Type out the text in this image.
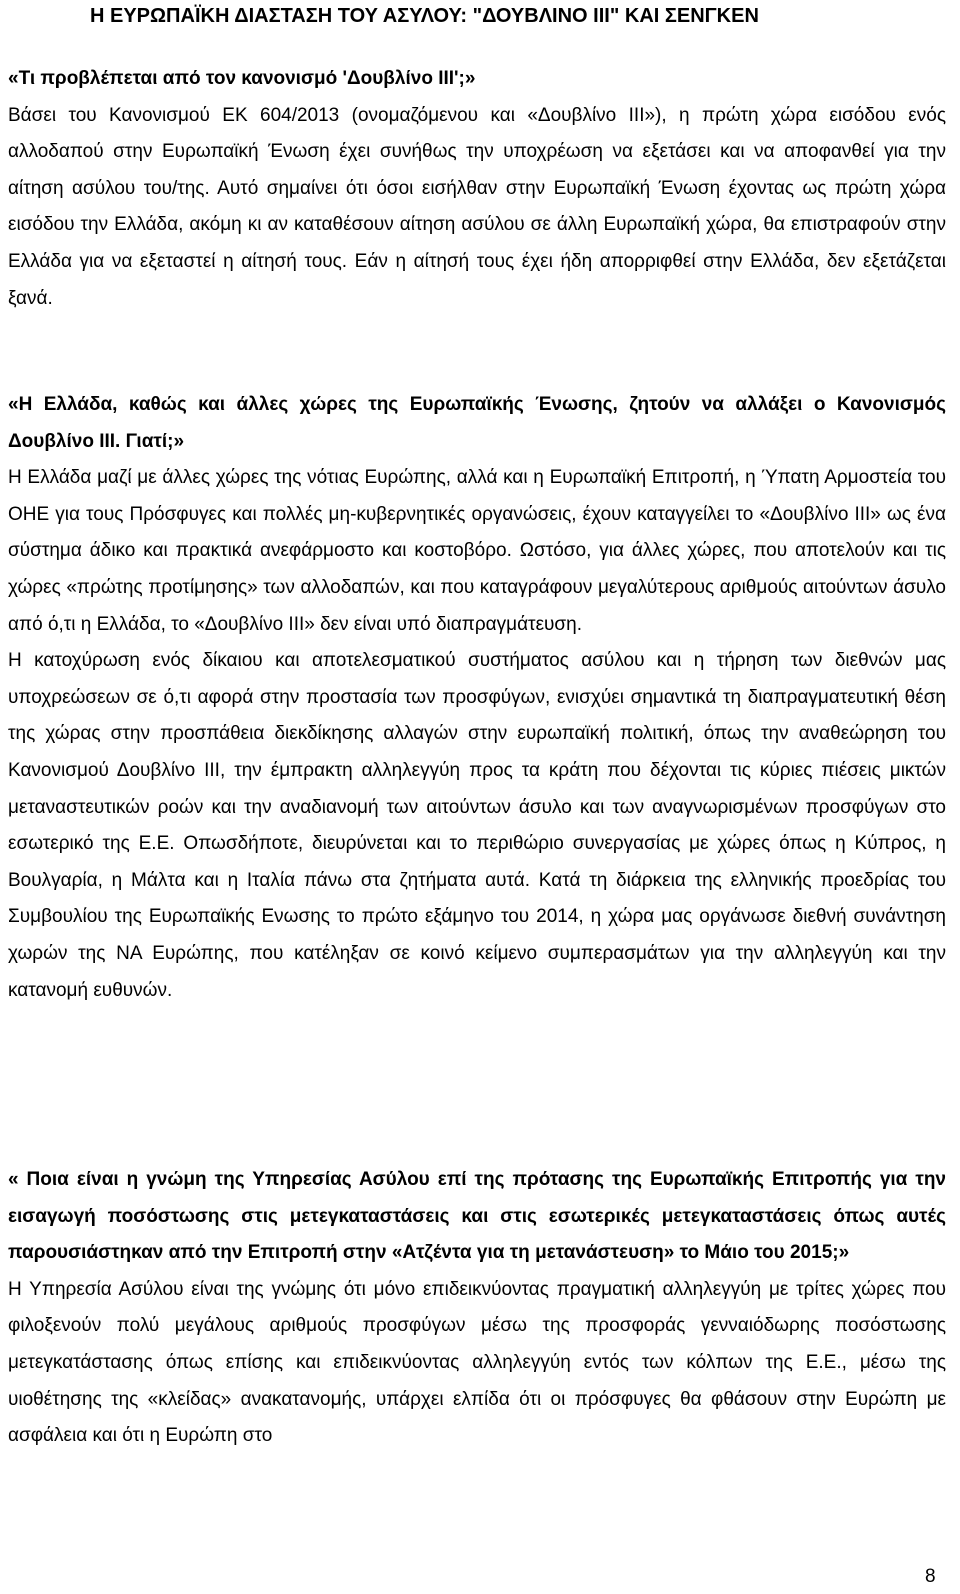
Η ΕΥΡΩΠΑΪΚΗ ΔΙΑΣΤΑΣΗ ΤΟΥ ΑΣΥΛΟΥ: "ΔΟΥΒΛΙΝΟ ΙΙΙ" ΚΑΙ ΣΕΝΓΚΕΝ
«Τι προβλέπεται από τον κανονισμό 'Δουβλίνο ΙΙΙ';»
Βάσει του Κανονισμού ΕΚ 604/2013 (ονομαζόμενου και «Δουβλίνο ΙΙΙ»), η πρώτη χώρα εισόδου ενός αλλοδαπού στην Ευρωπαϊκή Ένωση έχει συνήθως την υποχρέωση να εξετάσει και να αποφανθεί για την αίτηση ασύλου του/της. Αυτό σημαίνει ότι όσοι εισήλθαν στην Ευρωπαϊκή Ένωση έχοντας ως πρώτη χώρα εισόδου την Ελλάδα, ακόμη κι αν καταθέσουν αίτηση ασύλου σε άλλη Ευρωπαϊκή χώρα, θα επιστραφούν στην Ελλάδα για να εξεταστεί η αίτησή τους. Εάν η αίτησή τους έχει ήδη απορριφθεί στην Ελλάδα, δεν εξετάζεται ξανά.
«Η Ελλάδα, καθώς και άλλες χώρες της Ευρωπαϊκής Ένωσης, ζητούν να αλλάξει ο Κανονισμός Δουβλίνο ΙΙΙ. Γιατί;»
Η Ελλάδα μαζί με άλλες χώρες της νότιας Ευρώπης, αλλά και η Ευρωπαϊκή Επιτροπή, η Ύπατη Αρμοστεία του ΟΗΕ για τους Πρόσφυγες και πολλές μη-κυβερνητικές οργανώσεις, έχουν καταγγείλει το «Δουβλίνο ΙΙΙ» ως ένα σύστημα άδικο και πρακτικά ανεφάρμοστο και κοστοβόρο. Ωστόσο, για άλλες χώρες, που αποτελούν και τις χώρες «πρώτης προτίμησης» των αλλοδαπών, και που καταγράφουν μεγαλύτερους αριθμούς αιτούντων άσυλο από ό,τι η Ελλάδα, το «Δουβλίνο ΙΙΙ» δεν είναι υπό διαπραγμάτευση.
Η κατοχύρωση ενός δίκαιου και αποτελεσματικού συστήματος ασύλου και η τήρηση των διεθνών μας υποχρεώσεων σε ό,τι αφορά στην προστασία των προσφύγων, ενισχύει σημαντικά τη διαπραγματευτική θέση της χώρας στην προσπάθεια διεκδίκησης αλλαγών στην ευρωπαϊκή πολιτική, όπως την αναθεώρηση του Κανονισμού Δουβλίνο ΙΙΙ, την έμπρακτη αλληλεγγύη προς τα κράτη που δέχονται τις κύριες πιέσεις μικτών μεταναστευτικών ροών και την αναδιανομή των αιτούντων άσυλο και των αναγνωρισμένων προσφύγων στο εσωτερικό της Ε.Ε. Οπωσδήποτε, διευρύνεται και το περιθώριο συνεργασίας με χώρες όπως η Κύπρος, η Βουλγαρία, η Μάλτα και η Ιταλία πάνω στα ζητήματα αυτά. Κατά τη διάρκεια της ελληνικής προεδρίας του Συμβουλίου της Ευρωπαϊκής Ενωσης το πρώτο εξάμηνο του 2014, η χώρα μας οργάνωσε διεθνή συνάντηση χωρών της ΝΑ Ευρώπης, που κατέληξαν σε κοινό κείμενο συμπερασμάτων για την αλληλεγγύη και την κατανομή ευθυνών.
« Ποια είναι η γνώμη της Υπηρεσίας Ασύλου επί της πρότασης της Ευρωπαϊκής Επιτροπής για την εισαγωγή ποσόστωσης στις μετεγκαταστάσεις και στις εσωτερικές μετεγκαταστάσεις όπως αυτές παρουσιάστηκαν από την Επιτροπή στην «Ατζέντα για τη μετανάστευση» το Μάιο του 2015;»
Η Υπηρεσία Ασύλου είναι της γνώμης ότι μόνο επιδεικνύοντας πραγματική αλληλεγγύη με τρίτες χώρες που φιλοξενούν πολύ μεγάλους αριθμούς προσφύγων μέσω της προσφοράς γενναιόδωρης ποσόστωσης μετεγκατάστασης όπως επίσης και επιδεικνύοντας αλληλεγγύη εντός των κόλπων της Ε.Ε., μέσω της υιοθέτησης της «κλείδας» ανακατανομής, υπάρχει ελπίδα ότι οι πρόσφυγες θα φθάσουν στην Ευρώπη με ασφάλεια και ότι η Ευρώπη στο
8
